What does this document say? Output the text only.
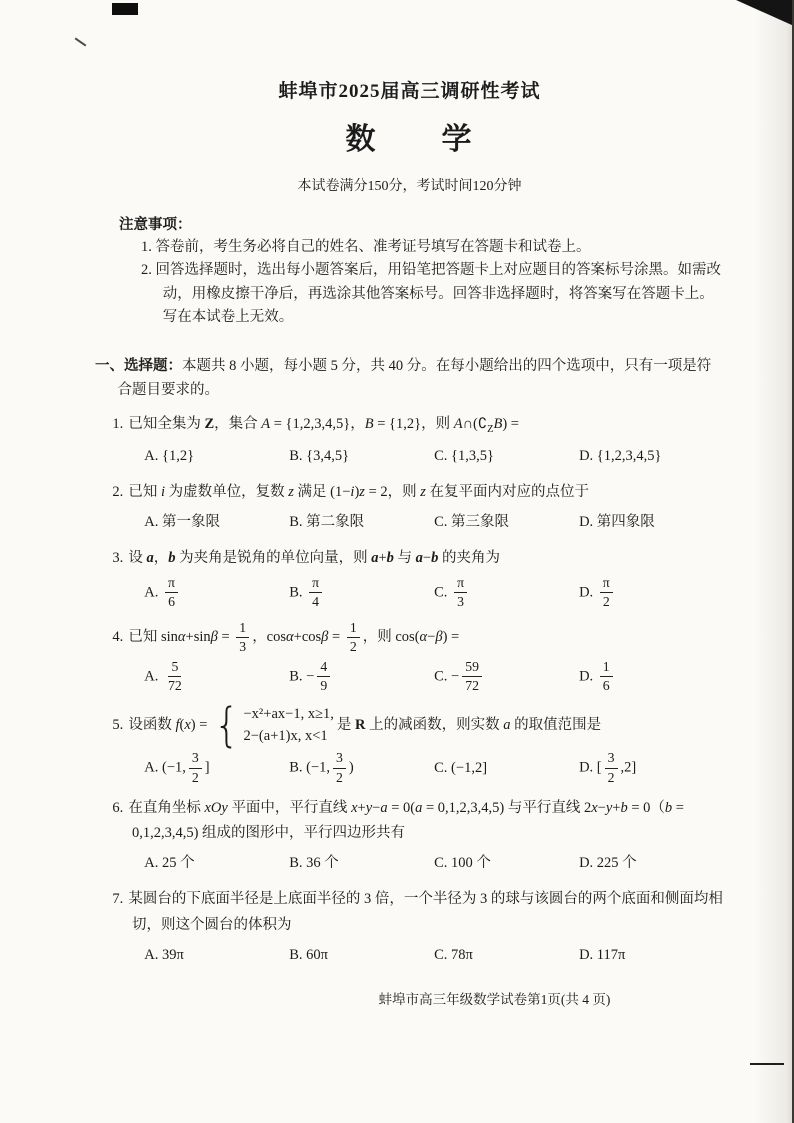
蚌埠市2025届高三调研性考试
数　　学
本试卷满分150分，考试时间120分钟
注意事项：
1. 答卷前，考生务必将自己的姓名、准考证号填写在答题卡和试卷上。
2. 回答选择题时，选出每小题答案后，用铅笔把答题卡上对应题目的答案标号涂黑。如需改动，用橡皮擦干净后，再选涂其他答案标号。回答非选择题时，将答案写在答题卡上。写在本试卷上无效。
一、选择题：本题共 8 小题，每小题 5 分，共 40 分。在每小题给出的四个选项中，只有一项是符合题目要求的。
1. 已知全集为 Z，集合 A = {1,2,3,4,5}，B = {1,2}，则 $A\cap(∁_ZB)$ =
A. {1,2}	B. {3,4,5}	C. {1,3,5}	D. {1,2,3,4,5}
2. 已知 i 为虚数单位，复数 z 满足 (1−i)z = 2，则 z 在复平面内对应的点位于
A. 第一象限	B. 第二象限	C. 第三象限	D. 第四象限
3. 设 a，b 为夹角是锐角的单位向量，则 a+b 与 a−b 的夹角为
A. $\frac{\pi}{6}$	B. $\frac{\pi}{4}$	C. $\frac{\pi}{3}$	D. $\frac{\pi}{2}$
4. 已知 $\sin\alpha+\sin\beta = \frac{1}{3}$ ，$\cos\alpha+\cos\beta = \frac{1}{2}$ ，则 cos(α−β) =
A. $\frac{5}{72}$	B. − $\frac{4}{9}$	C. − $\frac{59}{72}$	D. $\frac{1}{6}$
5. 设函数 f(x) = { −x²+ax−1, x≥1,
2−(a+1)x, x<1
是 R 上的减函数，则实数 a 的取值范围是
A. (−1, $\frac{3}{2}$ ]	B. (−1, $\frac{3}{2}$ )	C. (−1,2]	D. [ $\frac{3}{2} ,2$]
6. 在直角坐标 xOy 平面中，平行直线 x+y−a = 0(a = 0,1,2,3,4,5) 与平行直线 2x−y+b = 0（b = 0,1,2,3,4,5) 组成的图形中，平行四边形共有
A. 25 个	B. 36 个	C. 100 个	D. 225 个
7. 某圆台的下底面半径是上底面半径的 3 倍，一个半径为 3 的球与该圆台的两个底面和侧面均相切，则这个圆台的体积为
A. 39π	B. 60π	C. 78π	D. 117π
蚌埠市高三年级数学试卷第1页(共 4 页)
